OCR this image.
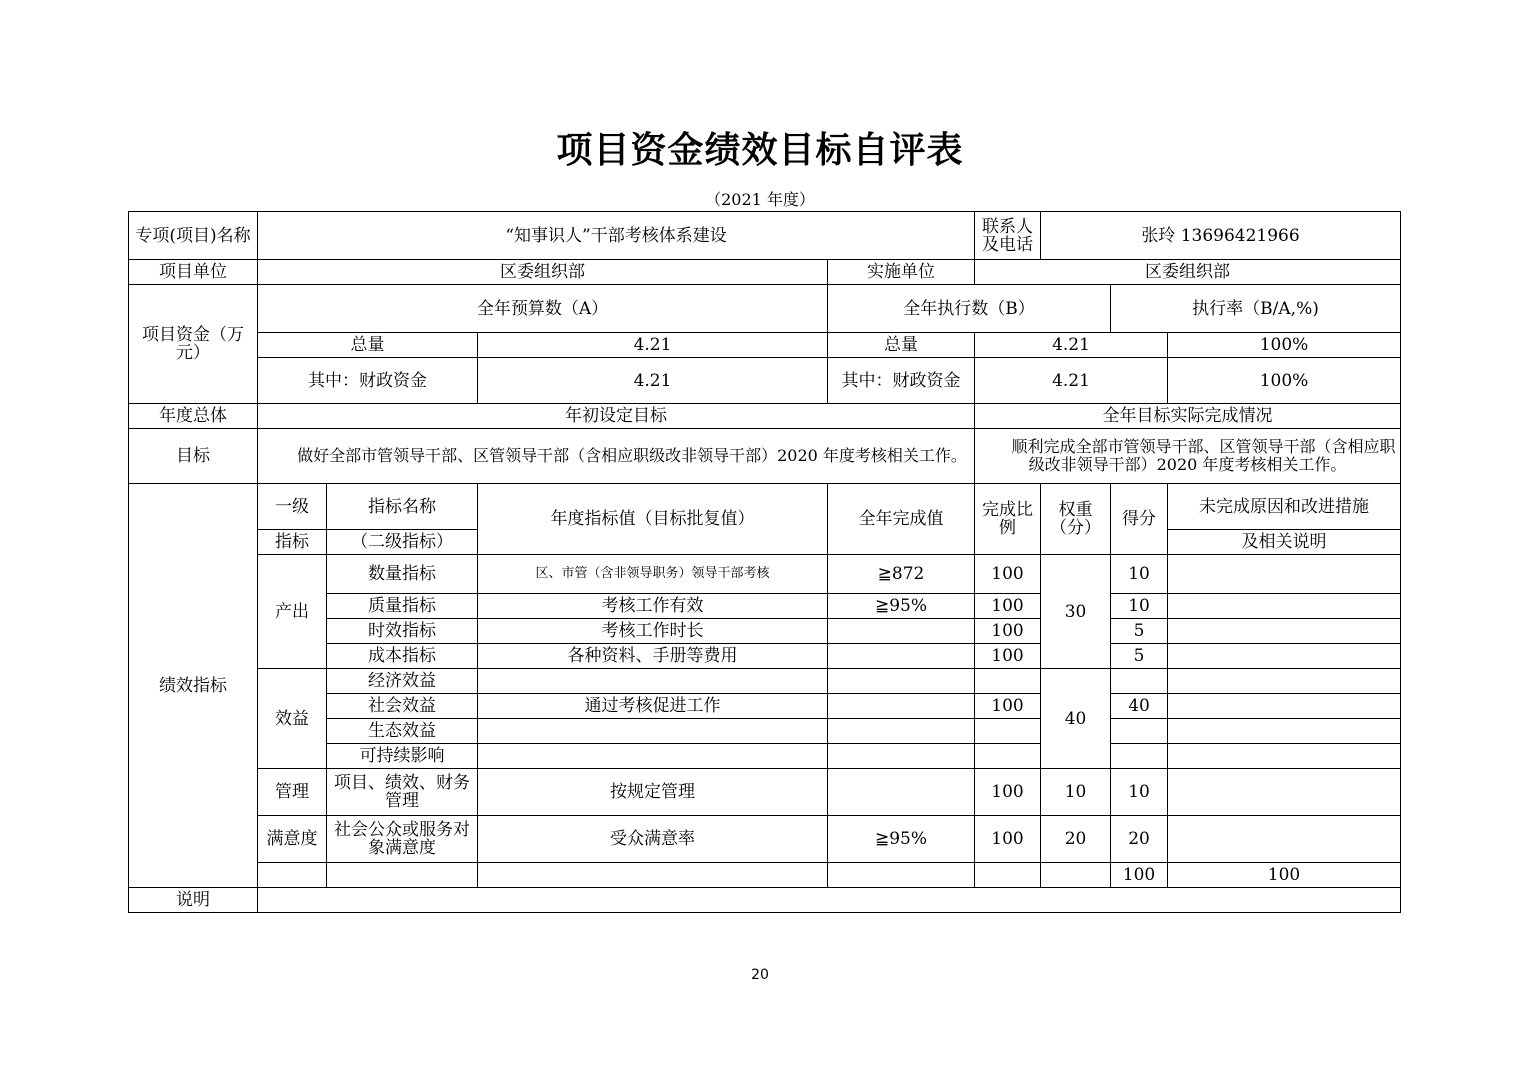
项目资金绩效目标自评表
（2021 年度）
专项(项目)名称	“知事识人”干部考核体系建设				联系人及电话	张玲 13696421966			
项目单位	区委组织部			实施单位	区委组织部				
项目资金（万元）	全年预算数（A）			全年执行数（B）			执行率（B/A,%)		
	总量		4.21	总量	4.21			100%	
	其中：财政资金		4.21	其中：财政资金	4.21			100%	
年度总体	年初设定目标				全年目标实际完成情况				
目标	　　做好全部市管领导干部、区管领导干部（含相应职级改非领导干部）2020 年度考核相关工作。				　　顺利完成全部市管领导干部、区管领导干部（含相应职级改非领导干部）2020 年度考核相关工作。				
绩效指标	一级	指标名称	年度指标值（目标批复值）	全年完成值	完成比例	权重（分）	得分	未完成原因和改进措施	
	指标	（二级指标）						及相关说明	
	产出	数量指标	区、市管（含非领导职务）领导干部考核	≧872	100	30	10		
		质量指标	考核工作有效	≧95%	100		10		
		时效指标	考核工作时长		100		5		
		成本指标	各种资料、手册等费用		100		5		
	效益	经济效益				40			
		社会效益	通过考核促进工作		100		40		
		生态效益							
		可持续影响							
	管理	项目、绩效、财务管理	按规定管理		100	10	10		
	满意度	社会公众或服务对象满意度	受众满意率	≧95%	100	20	20		
							100	100	
说明									
20
